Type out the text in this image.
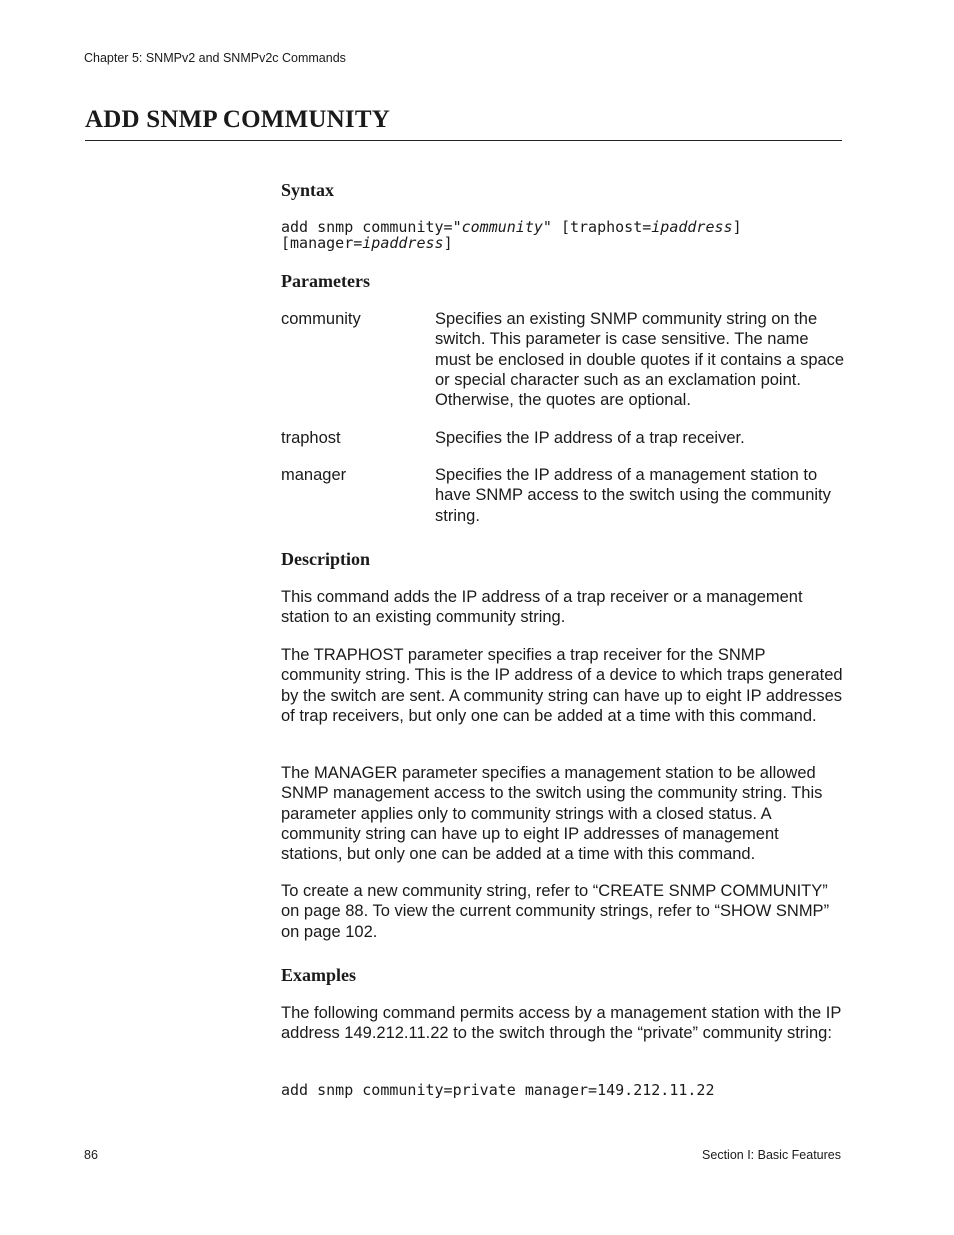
Chapter 5: SNMPv2 and SNMPv2c Commands
ADD SNMP COMMUNITY
Syntax
add snmp community="community" [traphost=ipaddress]
[manager=ipaddress]
Parameters
community	Specifies an existing SNMP community string on the switch. This parameter is case sensitive. The name must be enclosed in double quotes if it contains a space or special character such as an exclamation point. Otherwise, the quotes are optional.
traphost	Specifies the IP address of a trap receiver.
manager	Specifies the IP address of a management station to have SNMP access to the switch using the community string.
Description

This command adds the IP address of a trap receiver or a management station to an existing community string.

The TRAPHOST parameter specifies a trap receiver for the SNMP community string. This is the IP address of a device to which traps generated by the switch are sent. A community string can have up to eight IP addresses of trap receivers, but only one can be added at a time with this command.

The MANAGER parameter specifies a management station to be allowed SNMP management access to the switch using the community string. This parameter applies only to community strings with a closed status. A community string can have up to eight IP addresses of management stations, but only one can be added at a time with this command.

To create a new community string, refer to “CREATE SNMP COMMUNITY” on page 88. To view the current community strings, refer to “SHOW SNMP” on page 102.

Examples

The following command permits access by a management station with the IP address 149.212.11.22 to the switch through the “private” community string:

add snmp community=private manager=149.212.11.22
86	Section I: Basic Features
